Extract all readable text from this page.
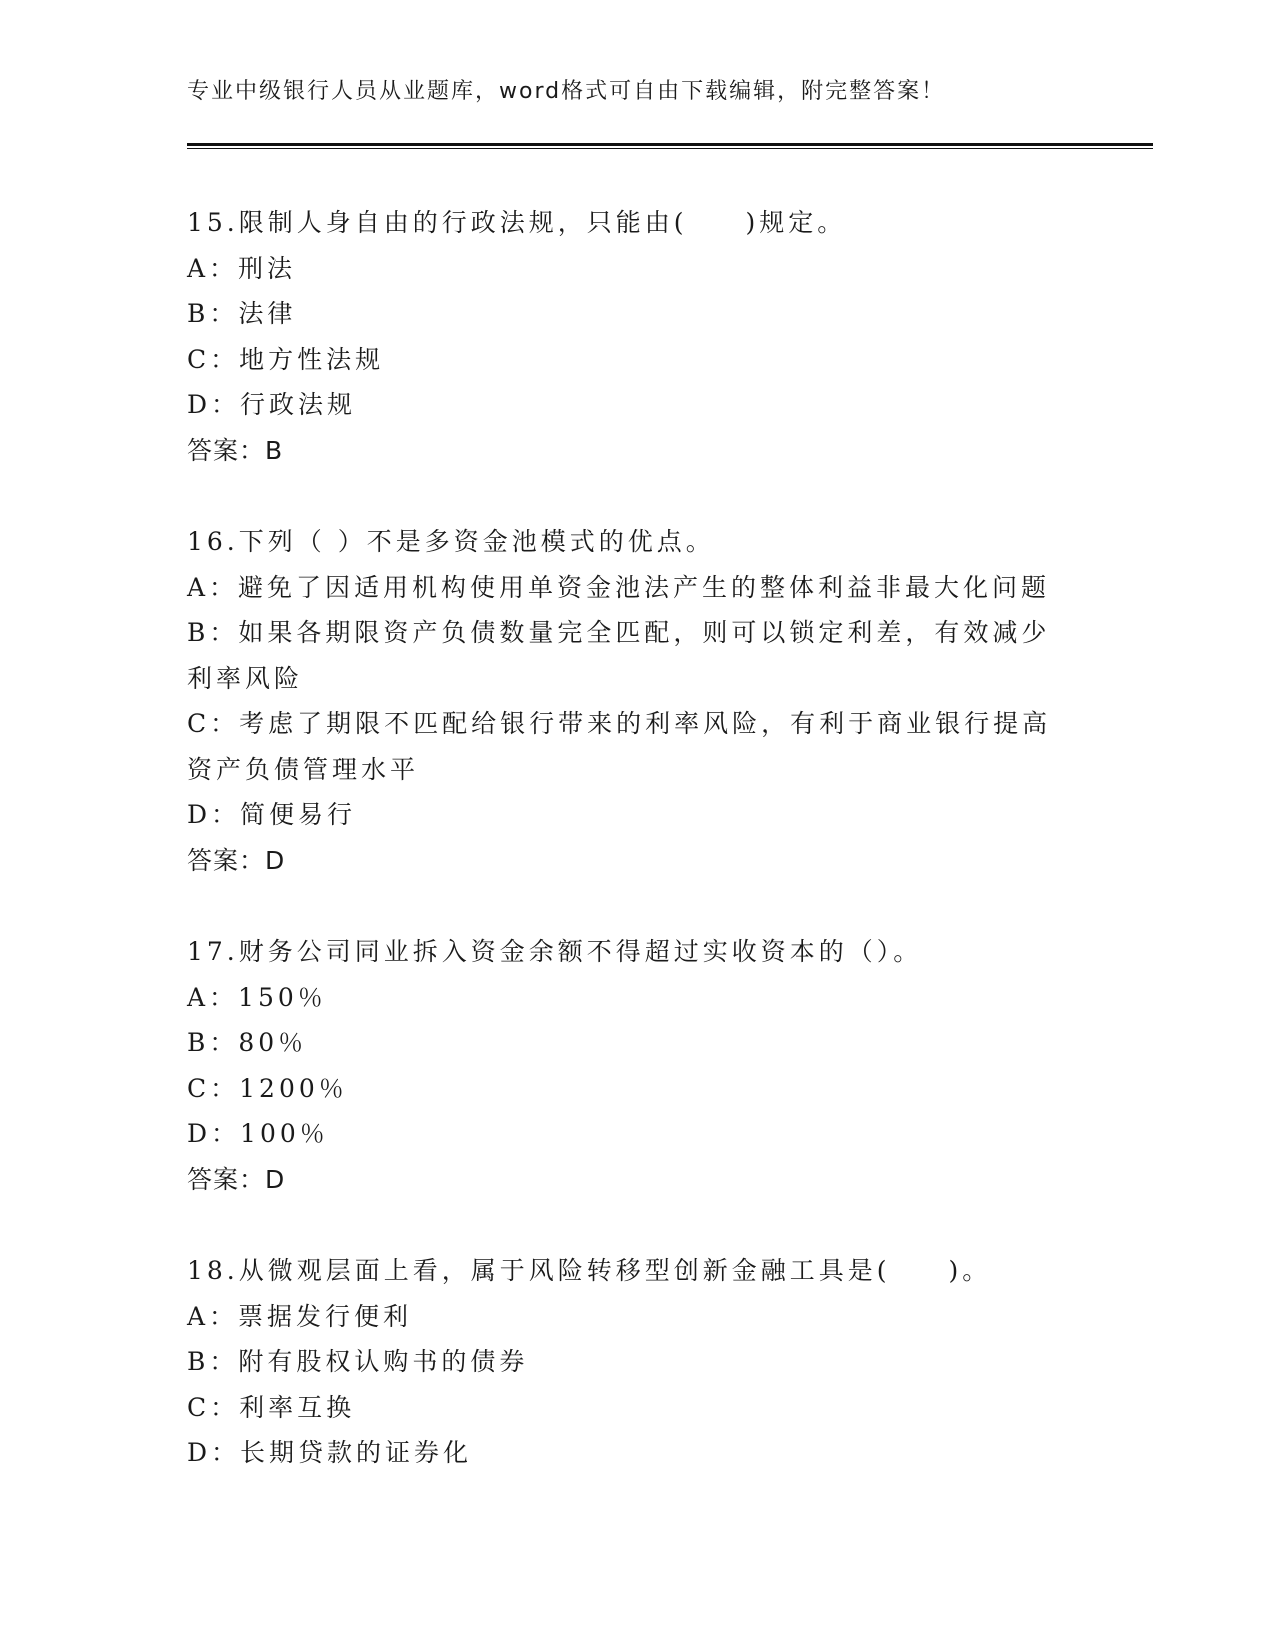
专业中级银行人员从业题库，word格式可自由下载编辑，附完整答案！
15.限制人身自由的行政法规，只能由(　　)规定。
A：刑法
B：法律
C：地方性法规
D：行政法规
答案：B
16.下列（ ）不是多资金池模式的优点。
A：避免了因适用机构使用单资金池法产生的整体利益非最大化问题
B：如果各期限资产负债数量完全匹配，则可以锁定利差，有效减少利率风险
C：考虑了期限不匹配给银行带来的利率风险，有利于商业银行提高资产负债管理水平
D：简便易行
答案：D
17.财务公司同业拆入资金余额不得超过实收资本的（）。
A：150％
B：80％
C：1200％
D：100％
答案：D
18.从微观层面上看，属于风险转移型创新金融工具是(　　)。
A：票据发行便利
B：附有股权认购书的债券
C：利率互换
D：长期贷款的证券化
